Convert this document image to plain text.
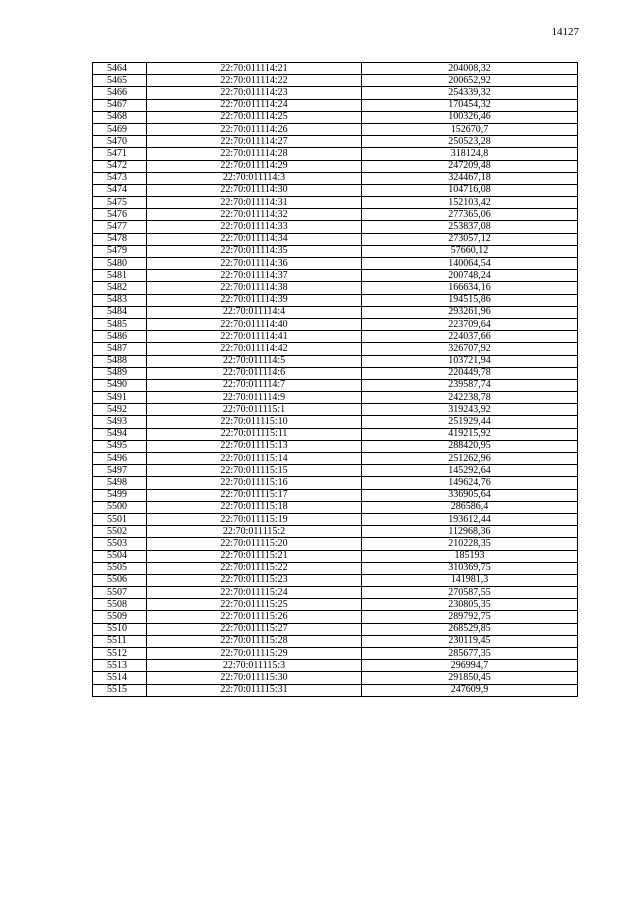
14127
5464	22:70:011114:21	204008,32
5465	22:70:011114:22	200652,92
5466	22:70:011114:23	254339,32
5467	22:70:011114:24	170454,32
5468	22:70:011114:25	100326,46
5469	22:70:011114:26	152670,7
5470	22:70:011114:27	250523,28
5471	22:70:011114:28	318124,8
5472	22:70:011114:29	247209,48
5473	22:70:011114:3	324467,18
5474	22:70:011114:30	104716,08
5475	22:70:011114:31	152103,42
5476	22:70:011114:32	277365,06
5477	22:70:011114:33	253837,08
5478	22:70:011114:34	273057,12
5479	22:70:011114:35	57660,12
5480	22:70:011114:36	140064,54
5481	22:70:011114:37	200748,24
5482	22:70:011114:38	166634,16
5483	22:70:011114:39	194515,86
5484	22:70:011114:4	293261,96
5485	22:70:011114:40	223709,64
5486	22:70:011114:41	224037,66
5487	22:70:011114:42	326707,92
5488	22:70:011114:5	103721,94
5489	22:70:011114:6	220449,78
5490	22:70:011114:7	239587,74
5491	22:70:011114:9	242238,78
5492	22:70:011115:1	319243,92
5493	22:70:011115:10	251929,44
5494	22:70:011115:11	419215,92
5495	22:70:011115:13	288420,95
5496	22:70:011115:14	251262,96
5497	22:70:011115:15	145292,64
5498	22:70:011115:16	149624,76
5499	22:70:011115:17	336905,64
5500	22:70:011115:18	286586,4
5501	22:70:011115:19	193612,44
5502	22:70:011115:2	112968,36
5503	22:70:011115:20	210228,35
5504	22:70:011115:21	185193
5505	22:70:011115:22	310369,75
5506	22:70:011115:23	141981,3
5507	22:70:011115:24	270587,55
5508	22:70:011115:25	230805,35
5509	22:70:011115:26	289792,75
5510	22:70:011115:27	268529,85
5511	22:70:011115:28	230119,45
5512	22:70:011115:29	285677,35
5513	22:70:011115:3	296994,7
5514	22:70:011115:30	291850,45
5515	22:70:011115:31	247609,9
